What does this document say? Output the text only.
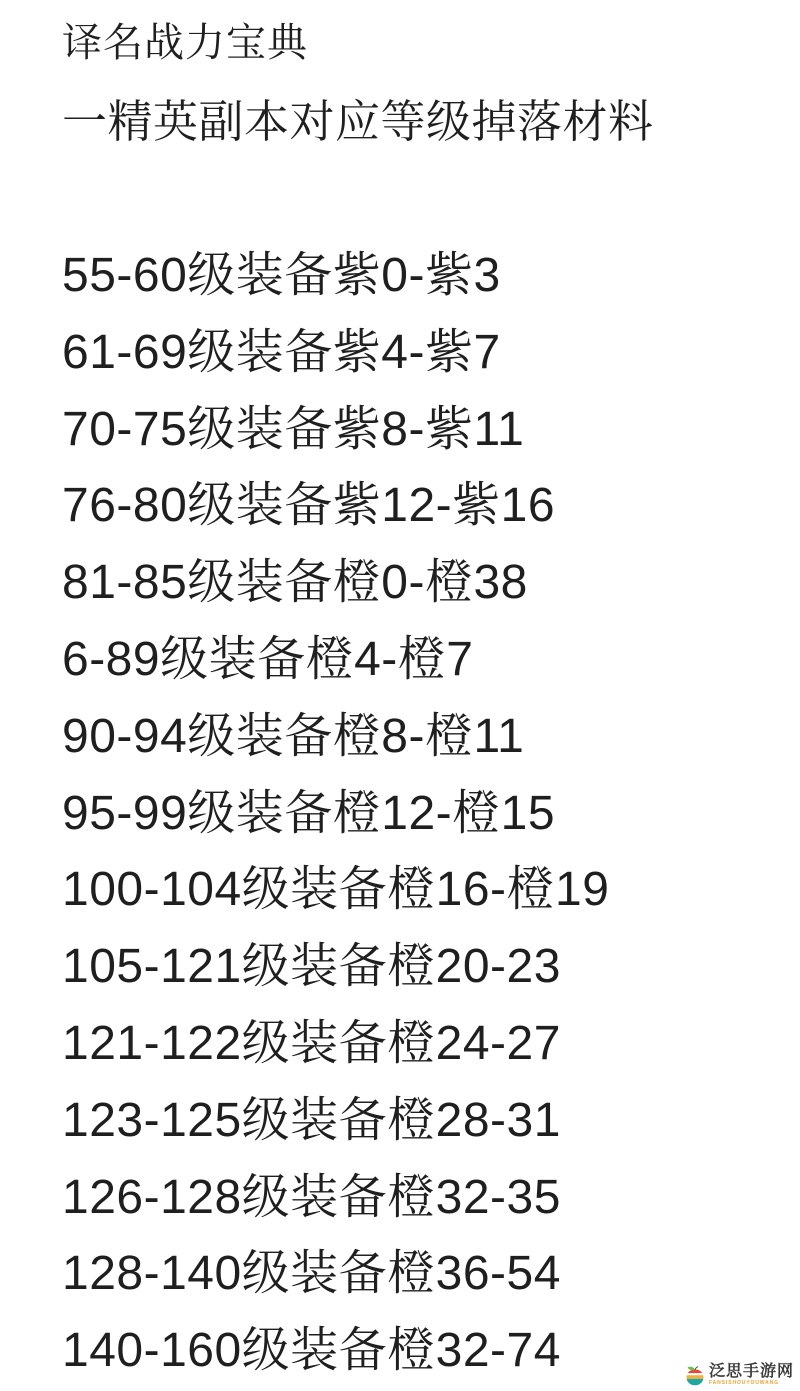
译名战力宝典
一精英副本对应等级掉落材料
55-60级装备紫0-紫3
61-69级装备紫4-紫7
70-75级装备紫8-紫11
76-80级装备紫12-紫16
81-85级装备橙0-橙38
6-89级装备橙4-橙7
90-94级装备橙8-橙11
95-99级装备橙12-橙15
100-104级装备橙16-橙19
105-121级装备橙20-23
121-122级装备橙24-27
123-125级装备橙28-31
126-128级装备橙32-35
128-140级装备橙36-54
140-160级装备橙32-74	泛思手游网
FANSISHOUYOUWANG
